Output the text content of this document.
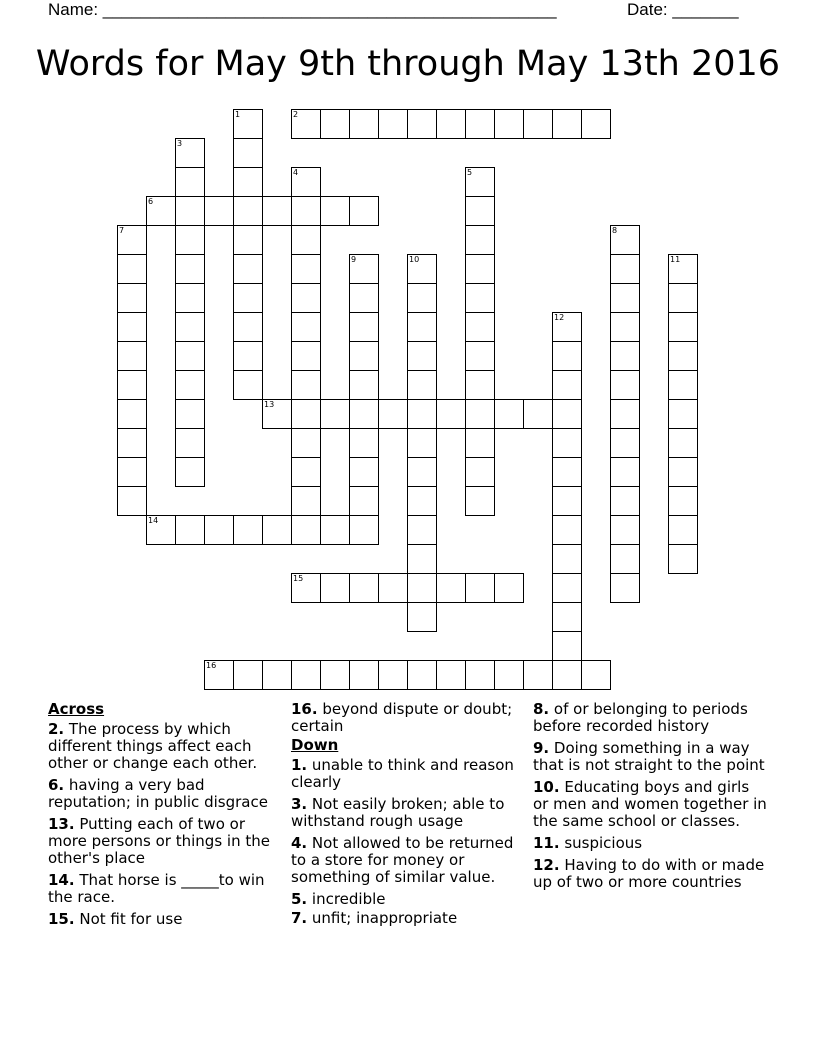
Name: ________________________________________________	Date: _______
Words for May 9th through May 13th 2016
2
6
13
14
15
16
1
3
4	5
7	8
9	10	11
12
Across
2. The process by which different things affect each other or change each other.
6. having a very bad reputation; in public disgrace
13. Putting each of two or more persons or things in the other's place
14. That horse is _____to win the race.
15. Not fit for use
16. beyond dispute or doubt; certain
Down
1. unable to think and reason clearly
3. Not easily broken; able to withstand rough usage
4. Not allowed to be returned to a store for money or something of similar value.
5. incredible
7. unfit; inappropriate
8. of or belonging to periods before recorded history
9. Doing something in a way that is not straight to the point
10. Educating boys and girls or men and women together in the same school or classes.
11. suspicious
12. Having to do with or made up of two or more countries
